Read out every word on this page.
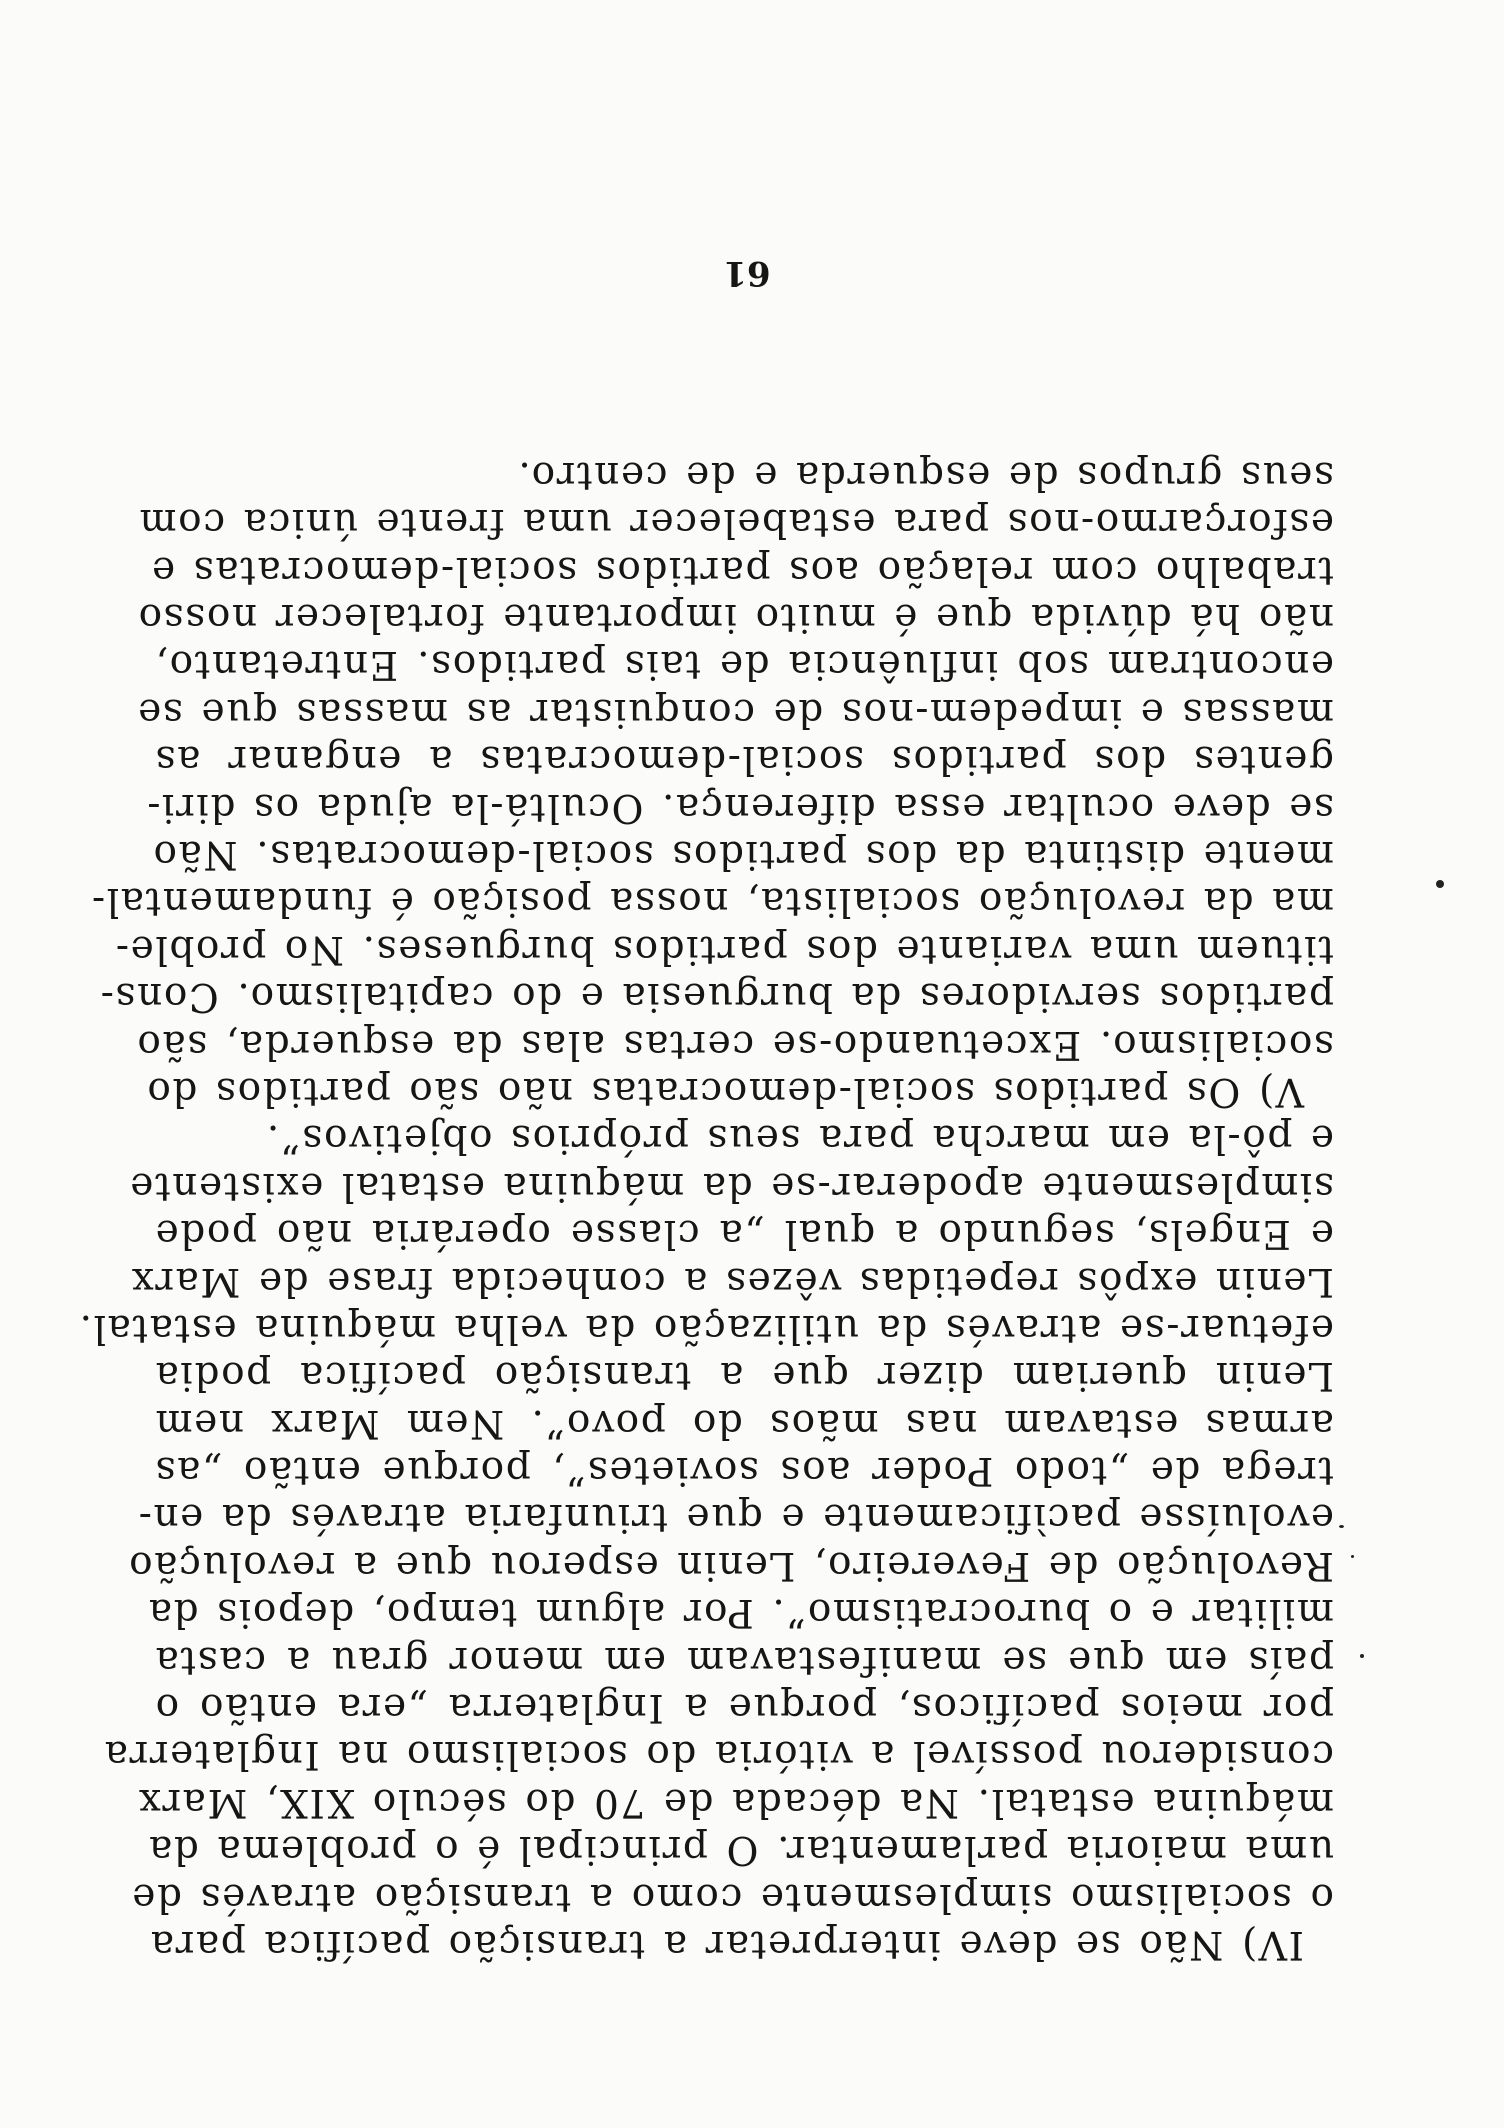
IV) Não se deve interpretar a transição pacífica para
o socialismo simplesmente como a transição através de
uma maioria parlamentar. O principal é o problema da
máquina estatal. Na década de 70 do século XIX, Marx
considerou possível a vitória do socialismo na Inglaterra
por meios pacíficos, porque a Inglaterra „era então o
país em que se manifestavam em menor grau a casta
militar e o burocratismo”. Por algum tempo, depois da
Revolução de Fevereiro, Lenin esperou que a revolução
evoluísse pacìficamente e que triunfaria através da en-
trega de „todo Poder aos sovietes”, porque então „as
armas estavam nas mãos do povo”. Nem Marx nem
Lenin queriam dizer que a transição pacífica podia
efetuar-se através da utilização da velha máquina estatal.
Lenin expôs repetidas vêzes a conhecida frase de Marx
e Engels, segundo a qual „a classe operária não pode
simplesmente apoderar-se da máquina estatal existente
e pô-la em marcha para seus próprios objetivos”.
V) Os partidos social-democratas não são partidos do
socialismo. Excetuando-se certas alas da esquerda, são
partidos servidores da burguesia e do capitalismo. Cons-
tituem uma variante dos partidos burgueses. No proble-
ma da revolução socialista, nossa posição é fundamental-
mente distinta da dos partidos social-democratas. Não
se deve ocultar essa diferença. Ocultá-la ajuda os diri-
gentes dos partidos social-democratas a enganar as
massas e impedem-nos de conquistar as massas que se
encontram sob influência de tais partidos. Entretanto,
não há dúvida que é muito importante fortalecer nosso
trabalho com relação aos partidos social-democratas e
esforçarmo-nos para estabelecer uma frente única com
seus grupos de esquerda e de centro.
61
